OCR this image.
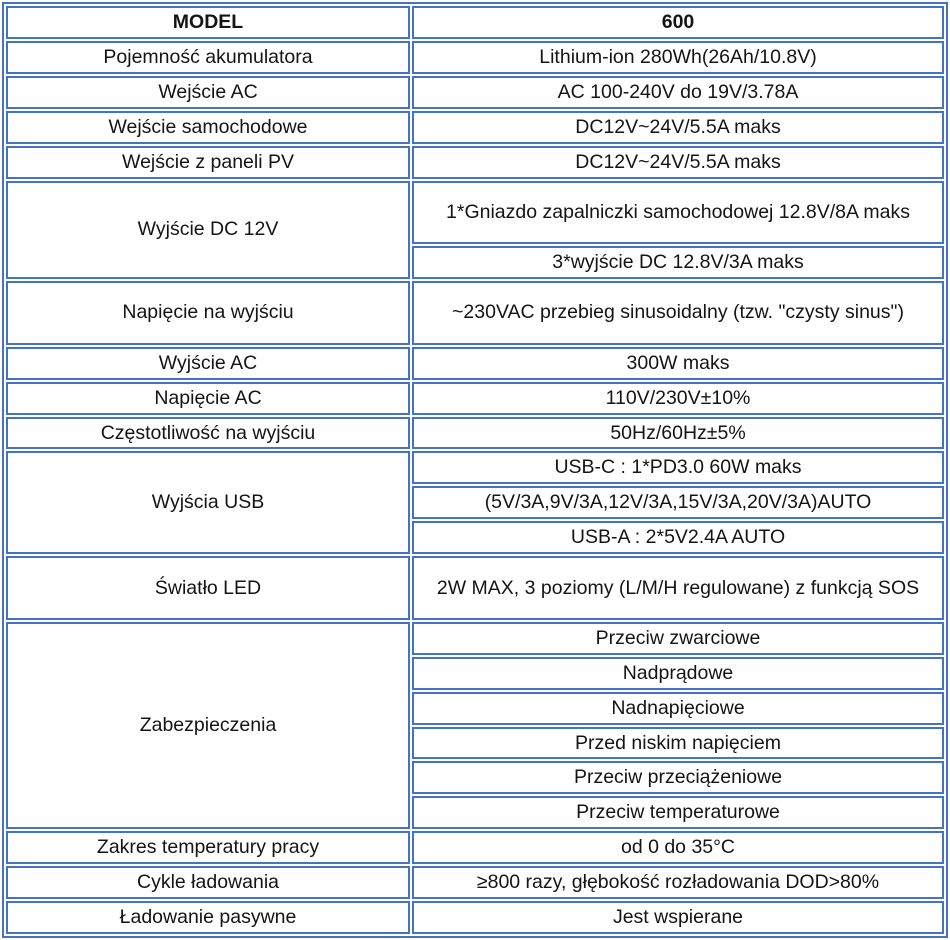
MODEL	600
Pojemność akumulatora	Lithium-ion 280Wh(26Ah/10.8V)
Wejście AC	AC 100-240V do 19V/3.78A
Wejście samochodowe	DC12V~24V/5.5A maks
Wejście z paneli PV	DC12V~24V/5.5A maks
Wyjście DC 12V	1*Gniazdo zapalniczki samochodowej 12.8V/8A maks
	3*wyjście DC 12.8V/3A maks
Napięcie na wyjściu	~230VAC przebieg sinusoidalny (tzw. "czysty sinus")
Wyjście AC	300W maks
Napięcie AC	110V/230V±10%
Częstotliwość na wyjściu	50Hz/60Hz±5%
Wyjścia USB	USB-C : 1*PD3.0 60W maks
	(5V/3A,9V/3A,12V/3A,15V/3A,20V/3A)AUTO
	USB-A : 2*5V2.4A AUTO
Światło LED	2W MAX, 3 poziomy (L/M/H regulowane) z funkcją SOS
Zabezpieczenia	Przeciw zwarciowe
	Nadprądowe
	Nadnapięciowe
	Przed niskim napięciem
	Przeciw przeciążeniowe
	Przeciw temperaturowe
Zakres temperatury pracy	od 0 do 35°C
Cykle ładowania	≥800 razy, głębokość rozładowania DOD>80%
Ładowanie pasywne	Jest wspierane
